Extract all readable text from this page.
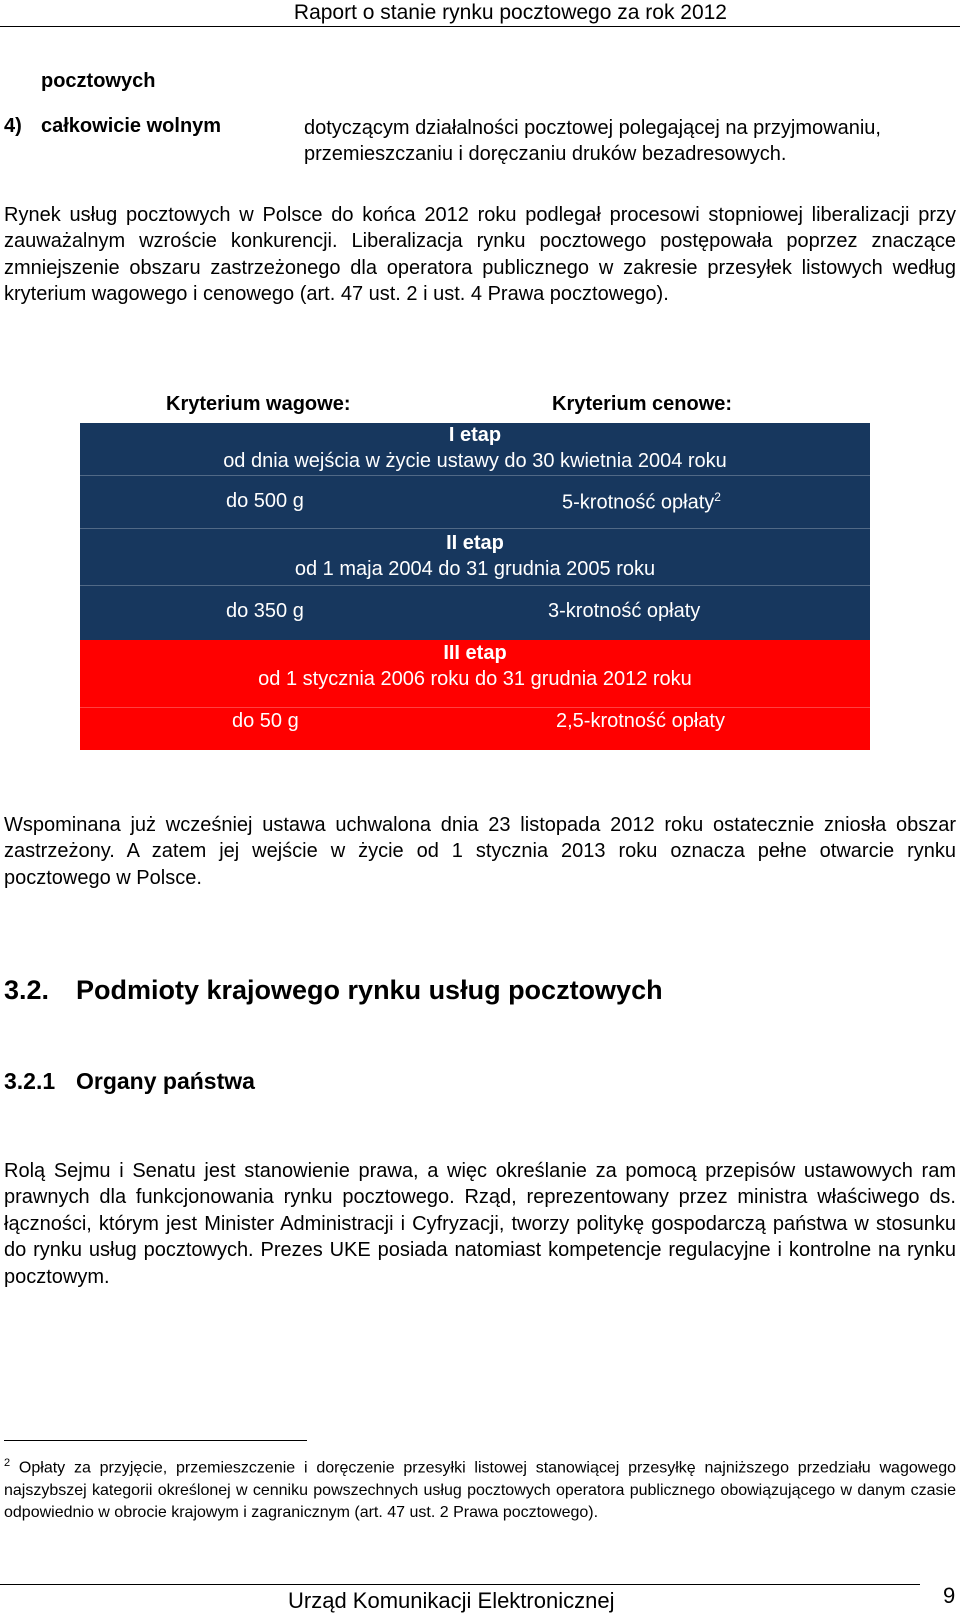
Raport o stanie rynku pocztowego za rok 2012
pocztowych
4) całkowicie wolnym	dotyczącym działalności pocztowej polegającej na przyjmowaniu, przemieszczaniu i doręczaniu druków bezadresowych.
Rynek usług pocztowych w Polsce do końca 2012 roku podlegał procesowi stopniowej liberalizacji przy zauważalnym wzroście konkurencji. Liberalizacja rynku pocztowego postępowała poprzez znaczące zmniejszenie obszaru zastrzeżonego dla operatora publicznego w zakresie przesyłek listowych według kryterium wagowego i cenowego (art. 47 ust. 2 i ust. 4 Prawa pocztowego).
Kryterium wagowe:	Kryterium cenowe:
I etap
od dnia wejścia w życie ustawy do 30 kwietnia 2004 roku
do 500 g	5-krotność opłaty$^2$
II etap
od 1 maja 2004 do 31 grudnia 2005 roku
do 350 g	3-krotność opłaty
III etap
od 1 stycznia 2006 roku do 31 grudnia 2012 roku
do 50 g	2,5-krotność opłaty
Wspominana już wcześniej ustawa uchwalona dnia 23 listopada 2012 roku ostatecznie zniosła obszar zastrzeżony. A zatem jej wejście w życie od 1 stycznia 2013 roku oznacza pełne otwarcie rynku pocztowego w Polsce.
3.2. Podmioty krajowego rynku usług pocztowych
3.2.1 Organy państwa
Rolą Sejmu i Senatu jest stanowienie prawa, a więc określanie za pomocą przepisów ustawowych ram prawnych dla funkcjonowania rynku pocztowego. Rząd, reprezentowany przez ministra właściwego ds. łączności, którym jest Minister Administracji i Cyfryzacji, tworzy politykę gospodarczą państwa w stosunku do rynku usług pocztowych. Prezes UKE posiada natomiast kompetencje regulacyjne i kontrolne na rynku pocztowym.
$^2$ Opłaty za przyjęcie, przemieszczenie i doręczenie przesyłki listowej stanowiącej przesyłkę najniższego przedziału wagowego najszybszej kategorii określonej w cenniku powszechnych usług pocztowych operatora publicznego obowiązującego w danym czasie odpowiednio w obrocie krajowym i zagranicznym (art. 47 ust. 2 Prawa pocztowego).
Urząd Komunikacji Elektronicznej	9
